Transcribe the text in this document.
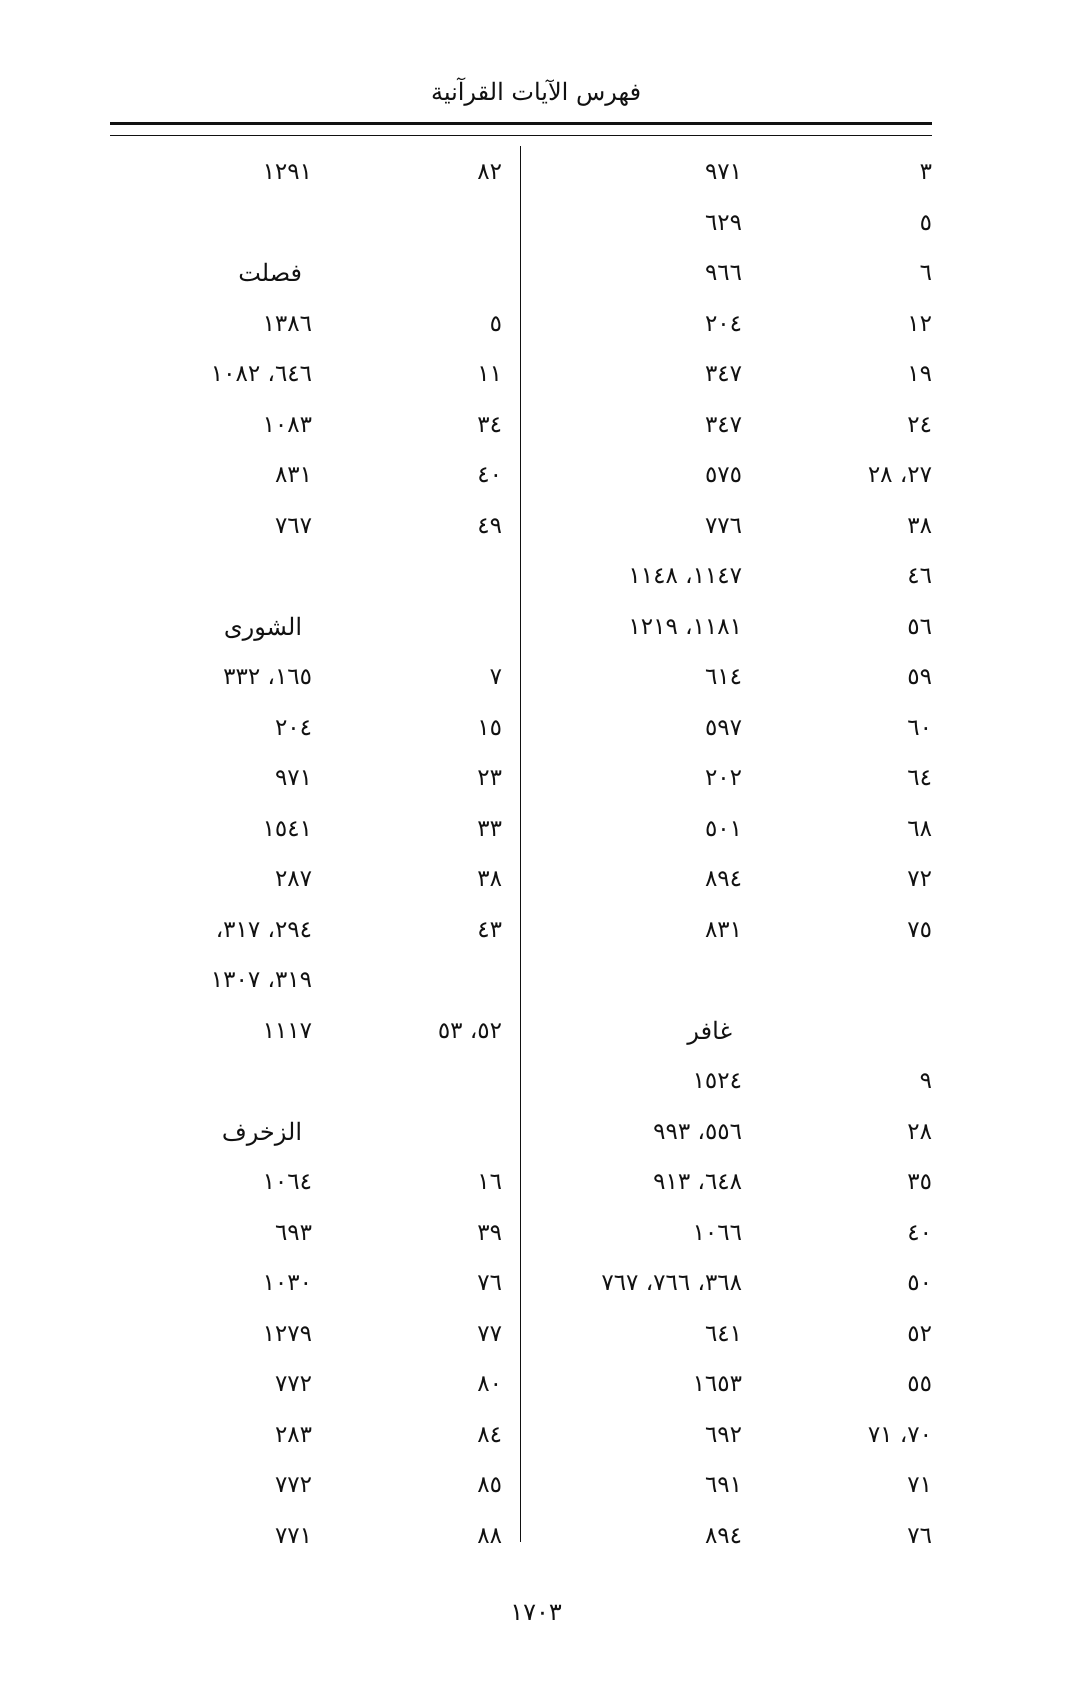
فهرس الآيات القرآنية
٣
٩٧١
٥
٦٢٩
٦
٩٦٦
١٢
٢٠٤
١٩
٣٤٧
٢٤
٣٤٧
٢٧، ٢٨
٥٧٥
٣٨
٧٧٦
٤٦
١١٤٧، ١١٤٨
٥٦
١١٨١، ١٢١٩
٥٩
٦١٤
٦٠
٥٩٧
٦٤
٢٠٢
٦٨
٥٠١
٧٢
٨٩٤
٧٥
٨٣١
غافر
٩
١٥٢٤
٢٨
٥٥٦، ٩٩٣
٣٥
٦٤٨، ٩١٣
٤٠
١٠٦٦
٥٠
٣٦٨، ٧٦٦، ٧٦٧
٥٢
٦٤١
٥٥
١٦٥٣
٧٠، ٧١
٦٩٢
٧١
٦٩١
٧٦
٨٩٤
٨٢
١٢٩١
فصلت
٥
١٣٨٦
١١
٦٤٦، ١٠٨٢
٣٤
١٠٨٣
٤٠
٨٣١
٤٩
٧٦٧
الشورى
٧
١٦٥، ٣٣٢
١٥
٢٠٤
٢٣
٩٧١
٣٣
١٥٤١
٣٨
٢٨٧
٤٣
٢٩٤، ٣١٧،
٣١٩، ١٣٠٧
٥٢، ٥٣
١١١٧
الزخرف
١٦
١٠٦٤
٣٩
٦٩٣
٧٦
١٠٣٠
٧٧
١٢٧٩
٨٠
٧٧٢
٨٤
٢٨٣
٨٥
٧٧٢
٨٨
٧٧١
١٧٠٣
